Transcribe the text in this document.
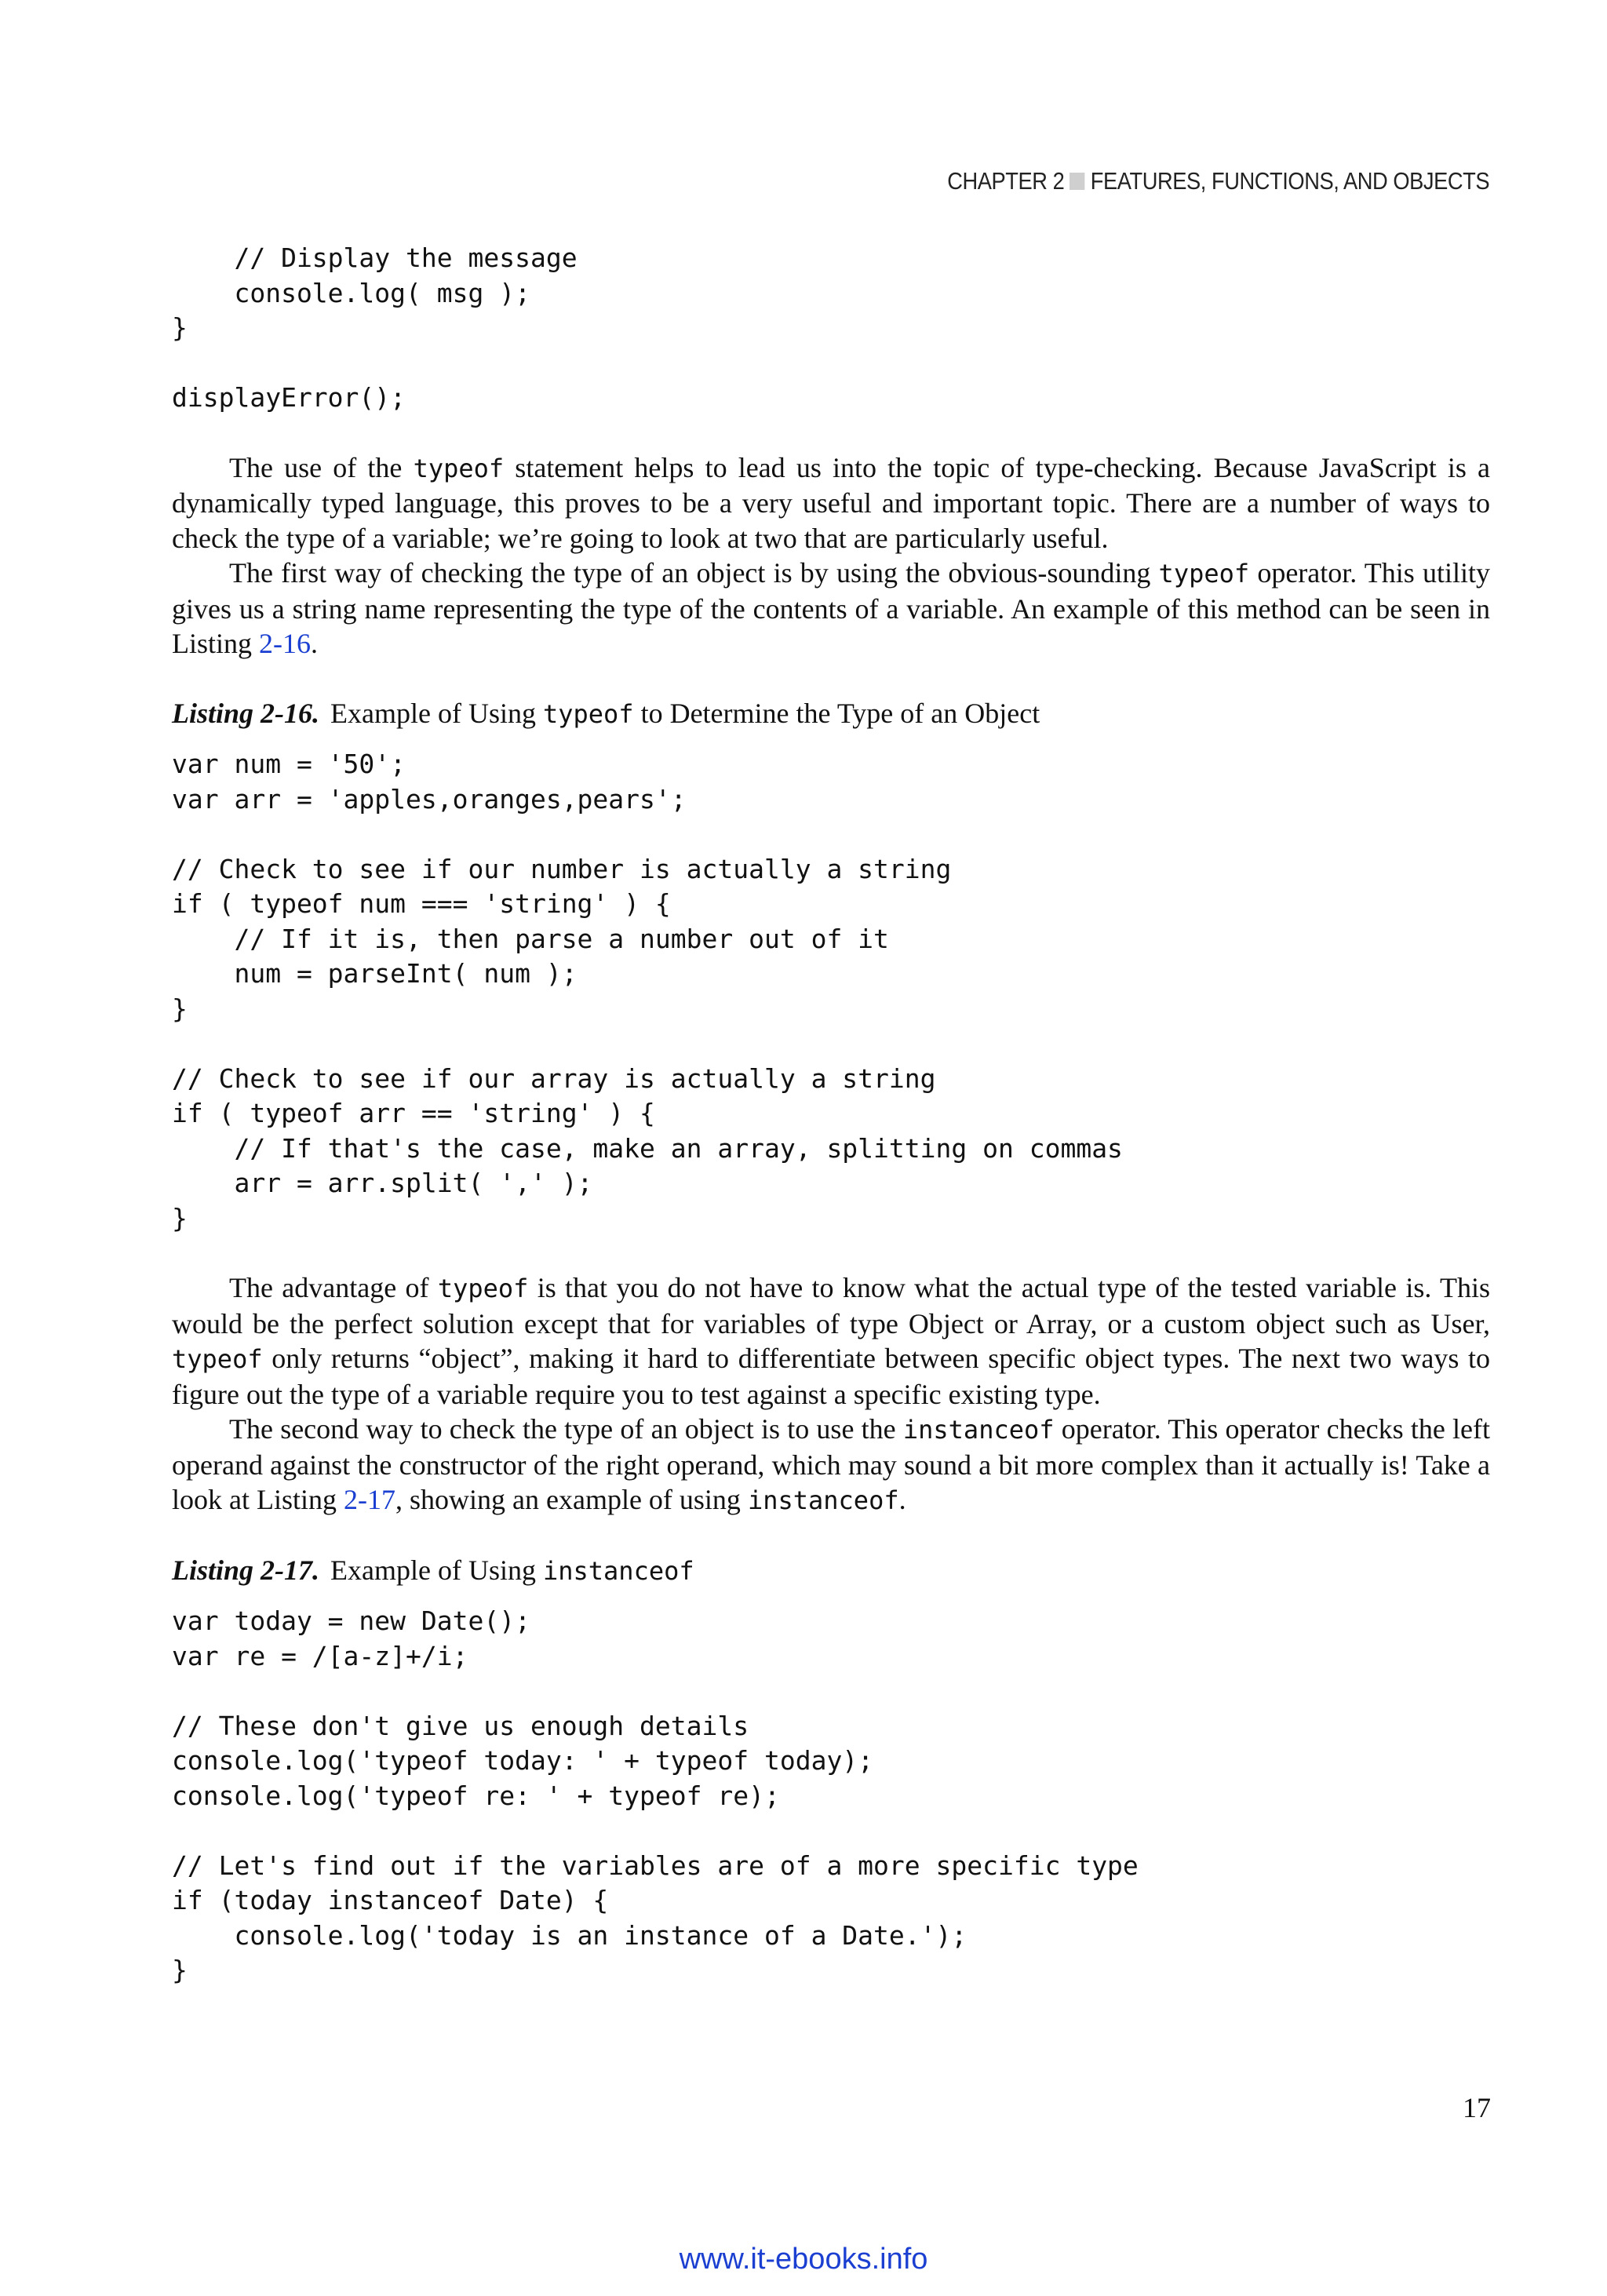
CHAPTER 2 FEATURES, FUNCTIONS, AND OBJECTS
// Display the message
console.log( msg );
}

displayError();

The use of the typeof statement helps to lead us into the topic of type-checking. Because JavaScript is a dynamically typed language, this proves to be a very useful and important topic. There are a number of ways to check the type of a variable; we’re going to look at two that are particularly useful.

The first way of checking the type of an object is by using the obvious-sounding typeof operator. This utility gives us a string name representing the type of the contents of a variable. An example of this method can be seen in Listing 2-16.

Listing 2-16. Example of Using typeof to Determine the Type of an Object

var num = '50';
var arr = 'apples,oranges,pears';

// Check to see if our number is actually a string
if ( typeof num === 'string' ) {
// If it is, then parse a number out of it
num = parseInt( num );
}

// Check to see if our array is actually a string
if ( typeof arr == 'string' ) {
// If that's the case, make an array, splitting on commas
arr = arr.split( ',' );
}

The advantage of typeof is that you do not have to know what the actual type of the tested variable is. This would be the perfect solution except that for variables of type Object or Array, or a custom object such as User, typeof only returns “object”, making it hard to differentiate between specific object types. The next two ways to figure out the type of a variable require you to test against a specific existing type.

The second way to check the type of an object is to use the instanceof operator. This operator checks the left operand against the constructor of the right operand, which may sound a bit more complex than it actually is! Take a look at Listing 2-17, showing an example of using instanceof.

Listing 2-17. Example of Using instanceof

var today = new Date();
var re = /[a-z]+/i;

// These don't give us enough details
console.log('typeof today: ' + typeof today);
console.log('typeof re: ' + typeof re);

// Let's find out if the variables are of a more specific type
if (today instanceof Date) {
console.log('today is an instance of a Date.');
}
17
www.it-ebooks.info
